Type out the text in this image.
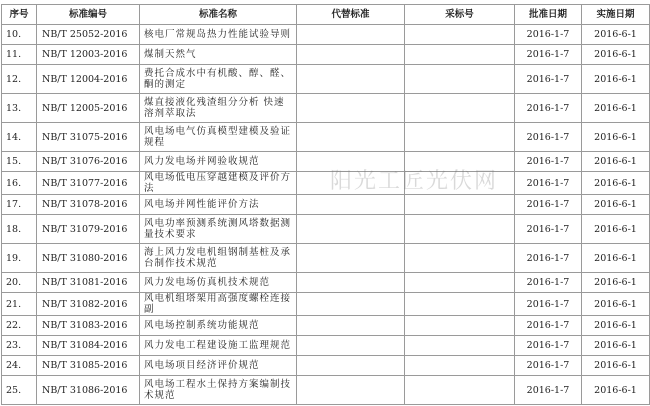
序号	标准编号	标准名称	代替标准	采标号	批准日期	实施日期
10.	NB/T 25052-2016	核电厂常规岛热力性能试验导则			2016-1-7	2016-6-1
11.	NB/T 12003-2016	煤制天然气			2016-1-7	2016-6-1
12.	NB/T 12004-2016	费托合成水中有机酸、醇、醛、酮的测定			2016-1-7	2016-6-1
13.	NB/T 12005-2016	煤直接液化残渣组分分析 快速溶剂萃取法			2016-1-7	2016-6-1
14.	NB/T 31075-2016	风电场电气仿真模型建模及验证规程			2016-1-7	2016-6-1
15.	NB/T 31076-2016	风力发电场并网验收规范			2016-1-7	2016-6-1
16.	NB/T 31077-2016	风电场低电压穿越建模及评价方法			2016-1-7	2016-6-1
17.	NB/T 31078-2016	风电场并网性能评价方法			2016-1-7	2016-6-1
18.	NB/T 31079-2016	风电功率预测系统测风塔数据测量技术要求			2016-1-7	2016-6-1
19.	NB/T 31080-2016	海上风力发电机组钢制基桩及承台制作技术规范			2016-1-7	2016-6-1
20.	NB/T 31081-2016	风力发电场仿真机技术规范			2016-1-7	2016-6-1
21.	NB/T 31082-2016	风电机组塔架用高强度螺栓连接副			2016-1-7	2016-6-1
22.	NB/T 31083-2016	风电场控制系统功能规范			2016-1-7	2016-6-1
23.	NB/T 31084-2016	风力发电工程建设施工监理规范			2016-1-7	2016-6-1
24.	NB/T 31085-2016	风电场项目经济评价规范			2016-1-7	2016-6-1
25.	NB/T 31086-2016	风电场工程水土保持方案编制技术规范			2016-1-7	2016-6-1
阳光工匠光伏网
